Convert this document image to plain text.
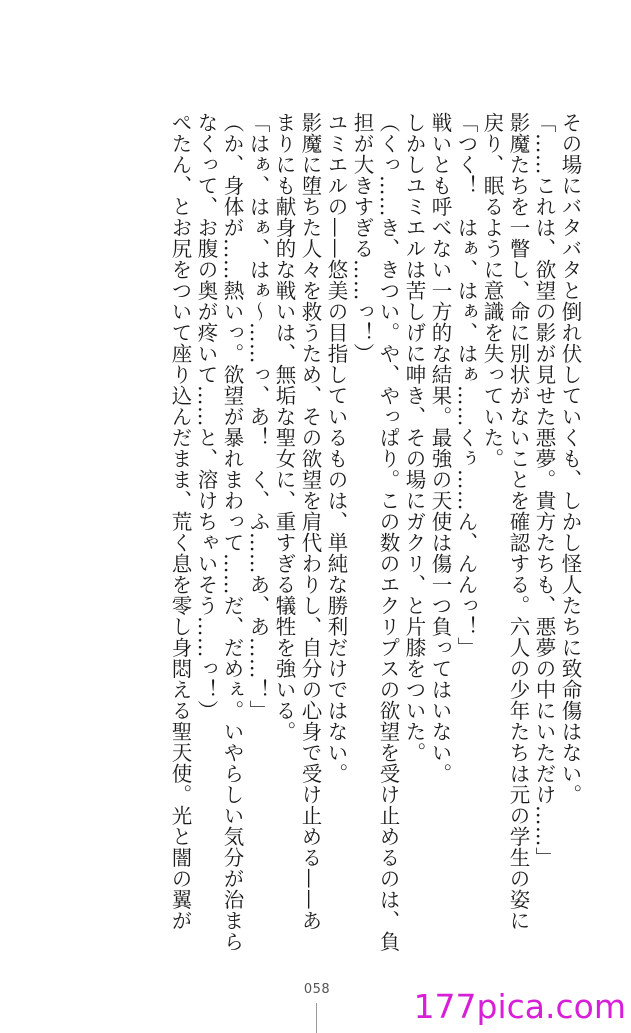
その場にバタバタと倒れ伏していくも、しかし怪人たちに致命傷はない。
「……これは、欲望の影が見せた悪夢。貴方たちも、悪夢の中にいただけ……」
影魔たちを一瞥し、命に別状がないことを確認する。六人の少年たちは元の学生の姿に
戻り、眠るように意識を失っていた。
「つく！　はぁ、はぁ、はぁ……くぅ……ん、んんっ！」
戦いとも呼べない一方的な結果。最強の天使は傷一つ負ってはいない。
しかしユミエルは苦しげに呻き、その場にガクリ、と片膝をついた。
（くっ……き、きつい。や、やっぱり。この数のエクリプスの欲望を受け止めるのは、負
担が大きすぎる……っ！）
ユミエルの——悠美の目指しているものは、単純な勝利だけではない。
影魔に堕ちた人々を救うため、その欲望を肩代わりし、自分の心身で受け止める——あ
まりにも献身的な戦いは、無垢な聖女に、重すぎる犠牲を強いる。
「はぁ、はぁ、はぁ～……っ、あ！　く、ふ……あ、あ……！」
（か、身体が……熱いっ。欲望が暴れまわって……だ、だめぇ。いやらしい気分が治まら
なくって、お腹の奥が疼いて……と、溶けちゃいそう……っ！）
ぺたん、とお尻をついて座り込んだまま、荒く息を零し身悶える聖天使。光と闇の翼が
058	177pica.com
